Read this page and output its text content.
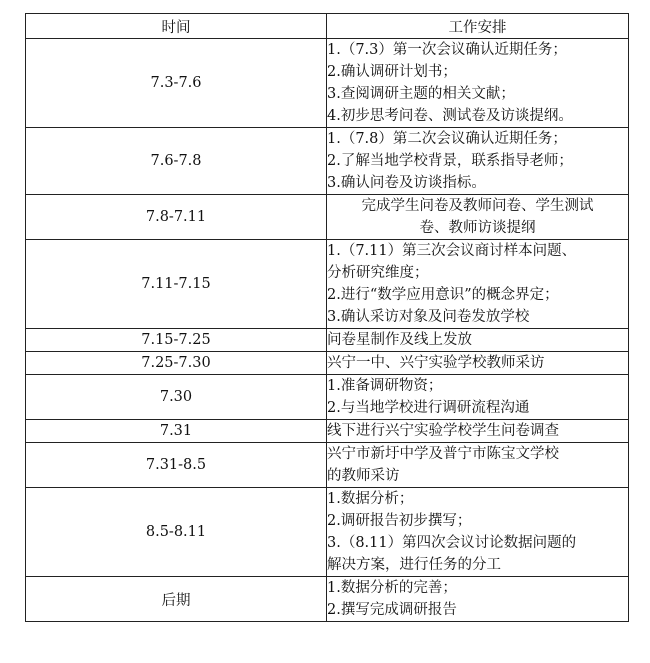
时间	工作安排
7.3-7.6	1.（7.3）第一次会议确认近期任务；
2.确认调研计划书；
3.查阅调研主题的相关文献；
4.初步思考问卷、测试卷及访谈提纲。

7.6-7.8	1.（7.8）第二次会议确认近期任务；
2.了解当地学校背景，联系指导老师；
3.确认问卷及访谈指标。

7.8-7.11	完成学生问卷及教师问卷、学生测试
卷、教师访谈提纲

7.11-7.15	1.（7.11）第三次会议商讨样本问题、
分析研究维度；
2.进行“数学应用意识”的概念界定；
3.确认采访对象及问卷发放学校

7.15-7.25	问卷星制作及线上发放

7.25-7.30	兴宁一中、兴宁实验学校教师采访

7.30	1.准备调研物资；
2.与当地学校进行调研流程沟通

7.31	线下进行兴宁实验学校学生问卷调查

7.31-8.5	兴宁市新圩中学及普宁市陈宝文学校
的教师采访

8.5-8.11	1.数据分析；
2.调研报告初步撰写；
3.（8.11）第四次会议讨论数据问题的
解决方案，进行任务的分工

后期	1.数据分析的完善；
2.撰写完成调研报告
